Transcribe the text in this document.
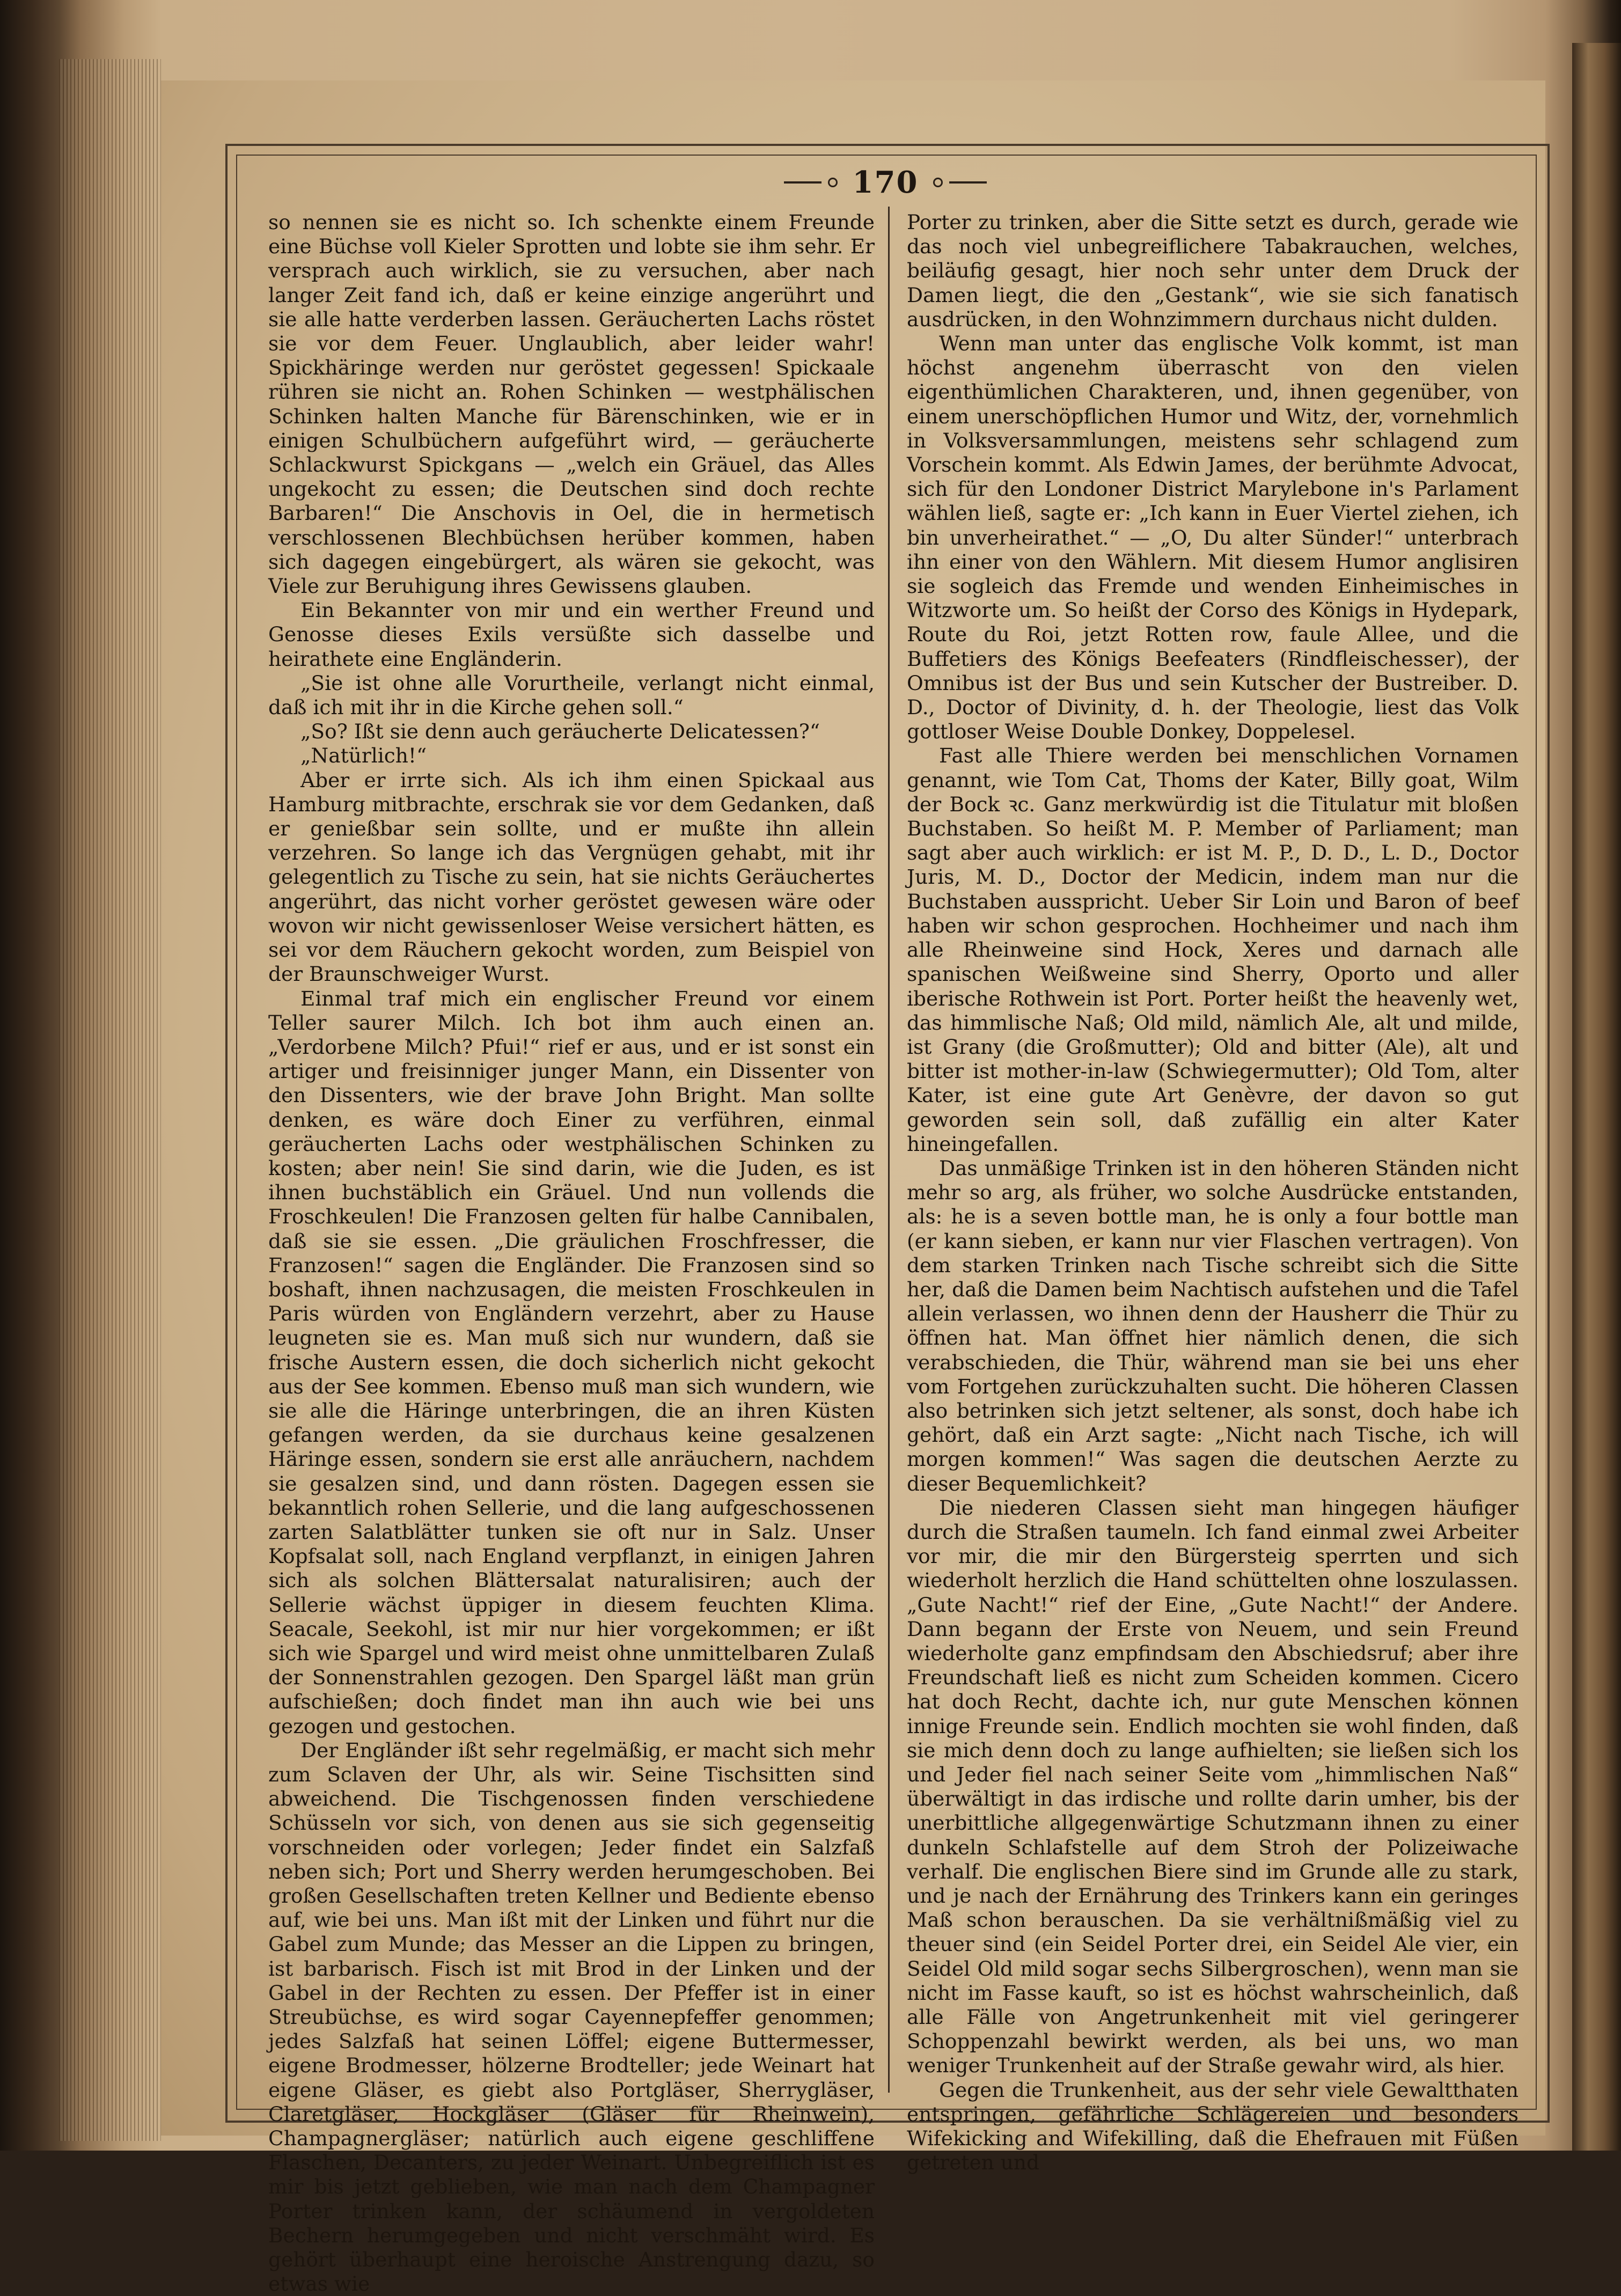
170

so nennen sie es nicht so. Ich schenkte einem Freunde eine Büchse voll Kieler Sprotten und lobte sie ihm sehr. Er versprach auch wirklich, sie zu versuchen, aber nach langer Zeit fand ich, daß er keine einzige angerührt und sie alle hatte verderben lassen. Geräucherten Lachs röstet sie vor dem Feuer. Unglaublich, aber leider wahr! Spickhäringe werden nur geröstet gegessen! Spickaale rühren sie nicht an. Rohen Schinken — westphälischen Schinken halten Manche für Bärenschinken, wie er in einigen Schulbüchern aufgeführt wird, — geräucherte Schlackwurst Spickgans — „welch ein Gräuel, das Alles ungekocht zu essen; die Deutschen sind doch rechte Barbaren!“ Die Anschovis in Oel, die in hermetisch verschlossenen Blechbüchsen herüber kommen, haben sich dagegen eingebürgert, als wären sie gekocht, was Viele zur Beruhigung ihres Gewissens glauben.

Ein Bekannter von mir und ein werther Freund und Genosse dieses Exils versüßte sich dasselbe und heirathete eine Engländerin.

„Sie ist ohne alle Vorurtheile, verlangt nicht einmal, daß ich mit ihr in die Kirche gehen soll.“

„So? Ißt sie denn auch geräucherte Delicatessen?“

„Natürlich!“

Aber er irrte sich. Als ich ihm einen Spickaal aus Hamburg mitbrachte, erschrak sie vor dem Gedanken, daß er genießbar sein sollte, und er mußte ihn allein verzehren. So lange ich das Vergnügen gehabt, mit ihr gelegentlich zu Tische zu sein, hat sie nichts Geräuchertes angerührt, das nicht vorher geröstet gewesen wäre oder wovon wir nicht gewissenloser Weise versichert hätten, es sei vor dem Räuchern gekocht worden, zum Beispiel von der Braunschweiger Wurst.

Einmal traf mich ein englischer Freund vor einem Teller saurer Milch. Ich bot ihm auch einen an. „Verdorbene Milch? Pfui!“ rief er aus, und er ist sonst ein artiger und freisinniger junger Mann, ein Dissenter von den Dissenters, wie der brave John Bright. Man sollte denken, es wäre doch Einer zu verführen, einmal geräucherten Lachs oder westphälischen Schinken zu kosten; aber nein! Sie sind darin, wie die Juden, es ist ihnen buchstäblich ein Gräuel. Und nun vollends die Froschkeulen! Die Franzosen gelten für halbe Cannibalen, daß sie sie essen. „Die gräulichen Froschfresser, die Franzosen!“ sagen die Engländer. Die Franzosen sind so boshaft, ihnen nachzusagen, die meisten Froschkeulen in Paris würden von Engländern verzehrt, aber zu Hause leugneten sie es. Man muß sich nur wundern, daß sie frische Austern essen, die doch sicherlich nicht gekocht aus der See kommen. Ebenso muß man sich wundern, wie sie alle die Häringe unterbringen, die an ihren Küsten gefangen werden, da sie durchaus keine gesalzenen Häringe essen, sondern sie erst alle anräuchern, nachdem sie gesalzen sind, und dann rösten. Dagegen essen sie bekanntlich rohen Sellerie, und die lang aufgeschossenen zarten Salatblätter tunken sie oft nur in Salz. Unser Kopfsalat soll, nach England verpflanzt, in einigen Jahren sich als solchen Blättersalat naturalisiren; auch der Sellerie wächst üppiger in diesem feuchten Klima. Seacale, Seekohl, ist mir nur hier vorgekommen; er ißt sich wie Spargel und wird meist ohne unmittelbaren Zulaß der Sonnenstrahlen gezogen. Den Spargel läßt man grün aufschießen; doch findet man ihn auch wie bei uns gezogen und gestochen.

Der Engländer ißt sehr regelmäßig, er macht sich mehr zum Sclaven der Uhr, als wir. Seine Tischsitten sind abweichend. Die Tischgenossen finden verschiedene Schüsseln vor sich, von denen aus sie sich gegenseitig vorschneiden oder vorlegen; Jeder findet ein Salzfaß neben sich; Port und Sherry werden herumgeschoben. Bei großen Gesellschaften treten Kellner und Bediente ebenso auf, wie bei uns. Man ißt mit der Linken und führt nur die Gabel zum Munde; das Messer an die Lippen zu bringen, ist barbarisch. Fisch ist mit Brod in der Linken und der Gabel in der Rechten zu essen. Der Pfeffer ist in einer Streubüchse, es wird sogar Cayennepfeffer genommen; jedes Salzfaß hat seinen Löffel; eigene Buttermesser, eigene Brodmesser, hölzerne Brodteller; jede Weinart hat eigene Gläser, es giebt also Portgläser, Sherrygläser, Claretgläser, Hockgläser (Gläser für Rheinwein), Champagnergläser; natürlich auch eigene geschliffene Flaschen, Decanters, zu jeder Weinart. Unbegreiflich ist es mir bis jetzt geblieben, wie man nach dem Champagner Porter trinken kann, der schäumend in vergoldeten Bechern herumgegeben und nicht verschmäht wird. Es gehört überhaupt eine heroische Anstrengung dazu, so etwas wie

Porter zu trinken, aber die Sitte setzt es durch, gerade wie das noch viel unbegreiflichere Tabakrauchen, welches, beiläufig gesagt, hier noch sehr unter dem Druck der Damen liegt, die den „Gestank“, wie sie sich fanatisch ausdrücken, in den Wohnzimmern durchaus nicht dulden.

Wenn man unter das englische Volk kommt, ist man höchst angenehm überrascht von den vielen eigenthümlichen Charakteren, und, ihnen gegenüber, von einem unerschöpflichen Humor und Witz, der, vornehmlich in Volksversammlungen, meistens sehr schlagend zum Vorschein kommt. Als Edwin James, der berühmte Advocat, sich für den Londoner District Marylebone in's Parlament wählen ließ, sagte er: „Ich kann in Euer Viertel ziehen, ich bin unverheirathet.“ — „O, Du alter Sünder!“ unterbrach ihn einer von den Wählern. Mit diesem Humor anglisiren sie sogleich das Fremde und wenden Einheimisches in Witzworte um. So heißt der Corso des Königs in Hydepark, Route du Roi, jetzt Rotten row, faule Allee, und die Buffetiers des Königs Beefeaters (Rindfleischesser), der Omnibus ist der Bus und sein Kutscher der Bustreiber. D. D., Doctor of Divinity, d. h. der Theologie, liest das Volk gottloser Weise Double Donkey, Doppelesel.

Fast alle Thiere werden bei menschlichen Vornamen genannt, wie Tom Cat, Thoms der Kater, Billy goat, Wilm der Bock ꝛc. Ganz merkwürdig ist die Titulatur mit bloßen Buchstaben. So heißt M. P. Member of Parliament; man sagt aber auch wirklich: er ist M. P., D. D., L. D., Doctor Juris, M. D., Doctor der Medicin, indem man nur die Buchstaben ausspricht. Ueber Sir Loin und Baron of beef haben wir schon gesprochen. Hochheimer und nach ihm alle Rheinweine sind Hock, Xeres und darnach alle spanischen Weißweine sind Sherry, Oporto und aller iberische Rothwein ist Port. Porter heißt the heavenly wet, das himmlische Naß; Old mild, nämlich Ale, alt und milde, ist Grany (die Großmutter); Old and bitter (Ale), alt und bitter ist mother-in-law (Schwiegermutter); Old Tom, alter Kater, ist eine gute Art Genèvre, der davon so gut geworden sein soll, daß zufällig ein alter Kater hineingefallen.

Das unmäßige Trinken ist in den höheren Ständen nicht mehr so arg, als früher, wo solche Ausdrücke entstanden, als: he is a seven bottle man, he is only a four bottle man (er kann sieben, er kann nur vier Flaschen vertragen). Von dem starken Trinken nach Tische schreibt sich die Sitte her, daß die Damen beim Nachtisch aufstehen und die Tafel allein verlassen, wo ihnen denn der Hausherr die Thür zu öffnen hat. Man öffnet hier nämlich denen, die sich verabschieden, die Thür, während man sie bei uns eher vom Fortgehen zurückzuhalten sucht. Die höheren Classen also betrinken sich jetzt seltener, als sonst, doch habe ich gehört, daß ein Arzt sagte: „Nicht nach Tische, ich will morgen kommen!“ Was sagen die deutschen Aerzte zu dieser Bequemlichkeit?

Die niederen Classen sieht man hingegen häufiger durch die Straßen taumeln. Ich fand einmal zwei Arbeiter vor mir, die mir den Bürgersteig sperrten und sich wiederholt herzlich die Hand schüttelten ohne loszulassen. „Gute Nacht!“ rief der Eine, „Gute Nacht!“ der Andere. Dann begann der Erste von Neuem, und sein Freund wiederholte ganz empfindsam den Abschiedsruf; aber ihre Freundschaft ließ es nicht zum Scheiden kommen. Cicero hat doch Recht, dachte ich, nur gute Menschen können innige Freunde sein. Endlich mochten sie wohl finden, daß sie mich denn doch zu lange aufhielten; sie ließen sich los und Jeder fiel nach seiner Seite vom „himmlischen Naß“ überwältigt in das irdische und rollte darin umher, bis der unerbittliche allgegenwärtige Schutzmann ihnen zu einer dunkeln Schlafstelle auf dem Stroh der Polizeiwache verhalf. Die englischen Biere sind im Grunde alle zu stark, und je nach der Ernährung des Trinkers kann ein geringes Maß schon berauschen. Da sie verhältnißmäßig viel zu theuer sind (ein Seidel Porter drei, ein Seidel Ale vier, ein Seidel Old mild sogar sechs Silbergroschen), wenn man sie nicht im Fasse kauft, so ist es höchst wahrscheinlich, daß alle Fälle von Angetrunkenheit mit viel geringerer Schoppenzahl bewirkt werden, als bei uns, wo man weniger Trunkenheit auf der Straße gewahr wird, als hier.

Gegen die Trunkenheit, aus der sehr viele Gewaltthaten entspringen, gefährliche Schlägereien und besonders Wifekicking and Wifekilling, daß die Ehefrauen mit Füßen getreten und
